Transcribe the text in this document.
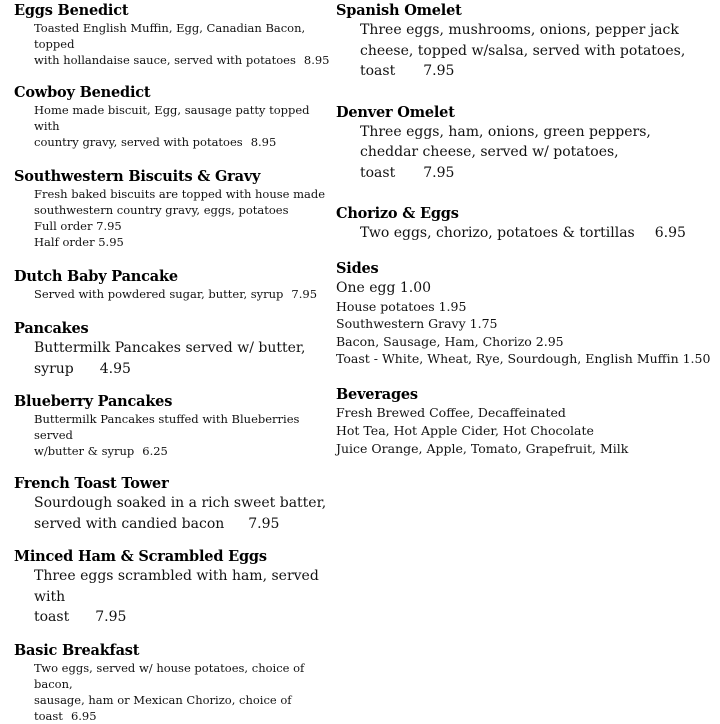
Eggs Benedict
Toasted English Muffin, Egg, Canadian Bacon, topped
with hollandaise sauce, served with potatoes 8.95
Cowboy Benedict
Home made biscuit, Egg, sausage patty topped with
country gravy, served with potatoes 8.95
Southwestern Biscuits & Gravy
Fresh baked biscuits are topped with house made
southwestern country gravy, eggs, potatoes
Full order 7.95
Half order 5.95
Dutch Baby Pancake
Served with powdered sugar, butter, syrup 7.95
Pancakes
Buttermilk Pancakes served w/ butter,
syrup 4.95
Blueberry Pancakes
Buttermilk Pancakes stuffed with Blueberries served
w/butter & syrup 6.25
French Toast Tower
Sourdough soaked in a rich sweet batter,
served with candied bacon 7.95
Minced Ham & Scrambled Eggs
Three eggs scrambled with ham, served with
toast 7.95
Basic Breakfast
Two eggs, served w/ house potatoes, choice of bacon,
sausage, ham or Mexican Chorizo, choice of toast 6.95
Spanish Omelet
Three eggs, mushrooms, onions, pepper jack
cheese, topped w/salsa, served with potatoes,
toast 7.95
Denver Omelet
Three eggs, ham, onions, green peppers,
cheddar cheese, served w/ potatoes,
toast 7.95
Chorizo & Eggs
Two eggs, chorizo, potatoes & tortillas 6.95
Sides
One egg 1.00
House potatoes 1.95
Southwestern Gravy 1.75
Bacon, Sausage, Ham, Chorizo 2.95
Toast - White, Wheat, Rye, Sourdough, English Muffin 1.50
Beverages
Fresh Brewed Coffee, Decaffeinated
Hot Tea, Hot Apple Cider, Hot Chocolate
Juice Orange, Apple, Tomato, Grapefruit, Milk
